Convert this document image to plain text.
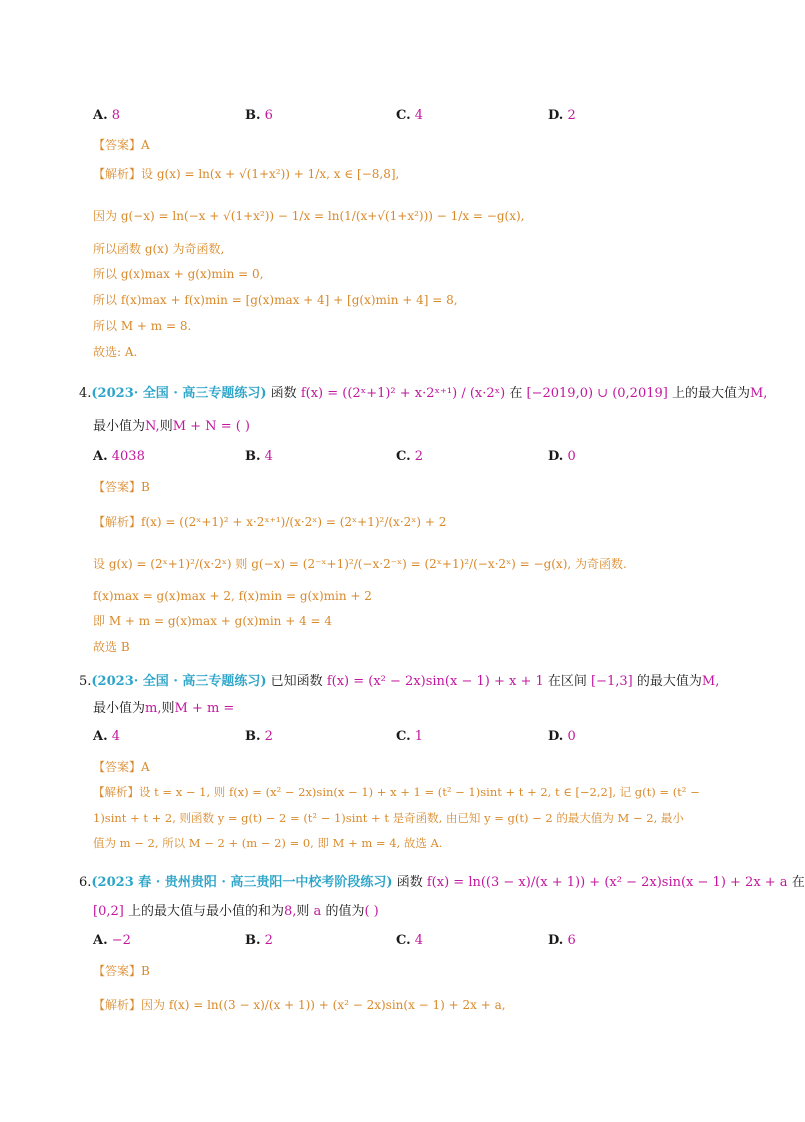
A. 8	B. 6	C. 4	D. 2
【答案】A
【解析】设 g(x) = ln(x + √(1+x²)) + 1/x, x ∈ [−8,8],
因为 g(−x) = ln(−x + √(1+x²)) − 1/x = ln(1/(x+√(1+x²))) − 1/x = −g(x),
所以函数 g(x) 为奇函数,
所以 g(x)max + g(x)min = 0,
所以 f(x)max + f(x)min = [g(x)max + 4] + [g(x)min + 4] = 8,
所以 M + m = 8.
故选: A.
4.(2023· 全国 · 高三专题练习) 函数 f(x) = ((2ˣ+1)² + x·2ˣ⁺¹) / (x·2ˣ) 在 [−2019,0) ∪ (0,2019] 上的最大值为M,
最小值为N,则M + N = ( )
A. 4038	B. 4	C. 2	D. 0
【答案】B
【解析】f(x) = ((2ˣ+1)² + x·2ˣ⁺¹)/(x·2ˣ) = (2ˣ+1)²/(x·2ˣ) + 2
设 g(x) = (2ˣ+1)²/(x·2ˣ) 则 g(−x) = (2⁻ˣ+1)²/(−x·2⁻ˣ) = (2ˣ+1)²/(−x·2ˣ) = −g(x), 为奇函数.
f(x)max = g(x)max + 2, f(x)min = g(x)min + 2
即 M + m = g(x)max + g(x)min + 4 = 4
故选 B
5.(2023· 全国 · 高三专题练习) 已知函数 f(x) = (x² − 2x)sin(x − 1) + x + 1 在区间 [−1,3] 的最大值为M,
最小值为m,则M + m =
A. 4	B. 2	C. 1	D. 0
【答案】A
【解析】设 t = x − 1, 则 f(x) = (x² − 2x)sin(x − 1) + x + 1 = (t² − 1)sint + t + 2, t ∈ [−2,2], 记 g(t) = (t² −
1)sint + t + 2, 则函数 y = g(t) − 2 = (t² − 1)sint + t 是奇函数, 由已知 y = g(t) − 2 的最大值为 M − 2, 最小
值为 m − 2, 所以 M − 2 + (m − 2) = 0, 即 M + m = 4, 故选 A.
6.(2023 春 · 贵州贵阳 · 高三贵阳一中校考阶段练习) 函数 f(x) = ln((3 − x)/(x + 1)) + (x² − 2x)sin(x − 1) + 2x + a 在
[0,2] 上的最大值与最小值的和为8,则 a 的值为( )
A. −2	B. 2	C. 4	D. 6
【答案】B
【解析】因为 f(x) = ln((3 − x)/(x + 1)) + (x² − 2x)sin(x − 1) + 2x + a,
